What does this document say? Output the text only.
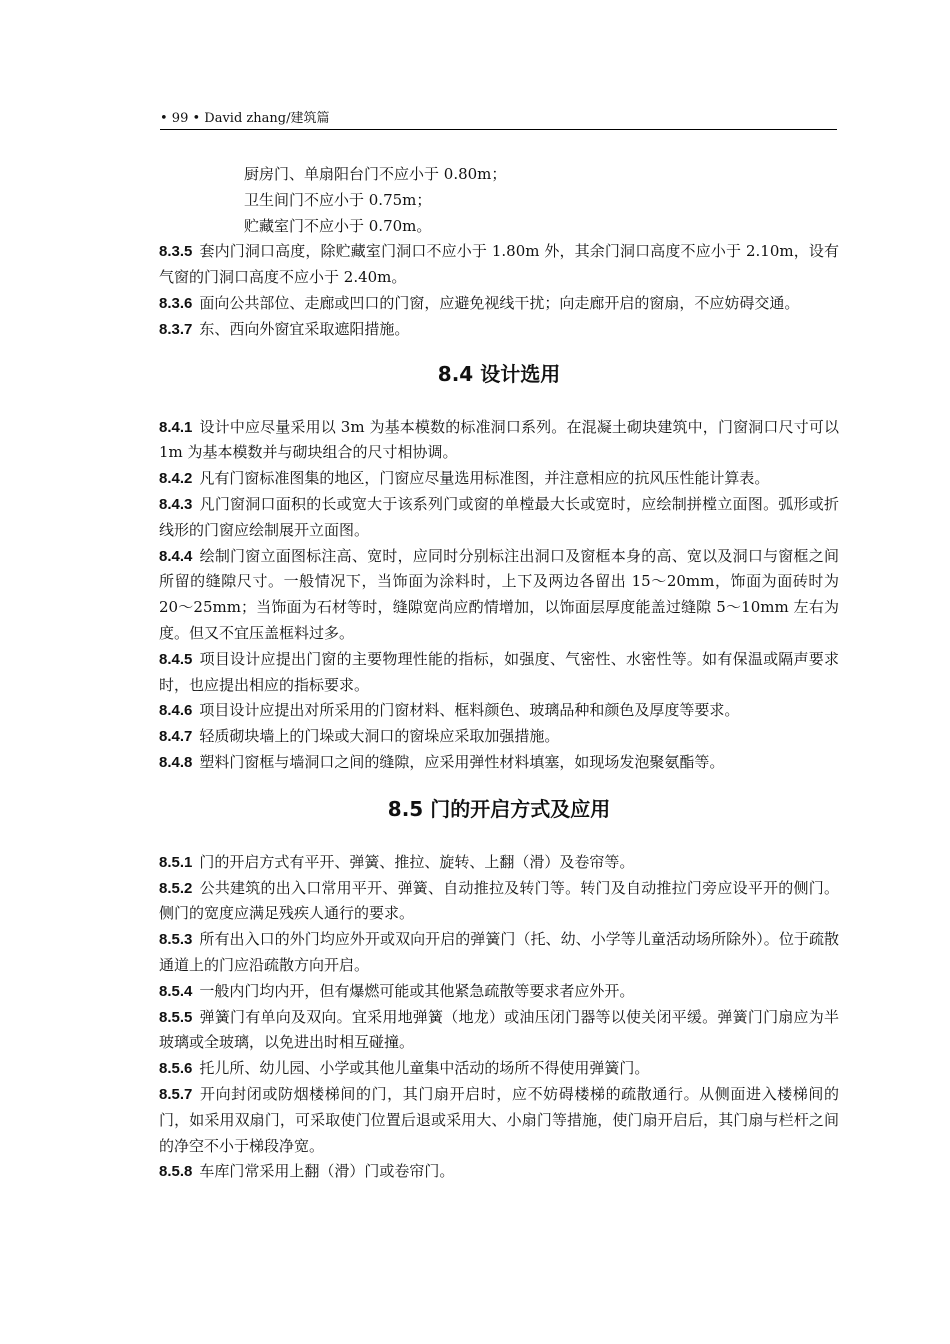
• 99 • David zhang/建筑篇

厨房门、单扇阳台门不应小于 0.80m；

卫生间门不应小于 0.75m；

贮藏室门不应小于 0.70m。

8.3.5 套内门洞口高度，除贮藏室门洞口不应小于 1.80m 外，其余门洞口高度不应小于 2.10m，设有气窗的门洞口高度不应小于 2.40m。

8.3.6 面向公共部位、走廊或凹口的门窗，应避免视线干扰；向走廊开启的窗扇，不应妨碍交通。

8.3.7 东、西向外窗宜采取遮阳措施。

8.4 设计选用

8.4.1 设计中应尽量采用以 3m 为基本模数的标准洞口系列。在混凝土砌块建筑中，门窗洞口尺寸可以 1m 为基本模数并与砌块组合的尺寸相协调。

8.4.2 凡有门窗标准图集的地区，门窗应尽量选用标准图，并注意相应的抗风压性能计算表。

8.4.3 凡门窗洞口面积的长或宽大于该系列门或窗的单樘最大长或宽时，应绘制拼樘立面图。弧形或折线形的门窗应绘制展开立面图。

8.4.4 绘制门窗立面图标注高、宽时，应同时分别标注出洞口及窗框本身的高、宽以及洞口与窗框之间所留的缝隙尺寸。一般情况下，当饰面为涂料时，上下及两边各留出 15～20mm，饰面为面砖时为 20～25mm；当饰面为石材等时，缝隙宽尚应酌情增加，以饰面层厚度能盖过缝隙 5～10mm 左右为度。但又不宜压盖框料过多。

8.4.5 项目设计应提出门窗的主要物理性能的指标，如强度、气密性、水密性等。如有保温或隔声要求时，也应提出相应的指标要求。

8.4.6 项目设计应提出对所采用的门窗材料、框料颜色、玻璃品种和颜色及厚度等要求。

8.4.7 轻质砌块墙上的门垛或大洞口的窗垛应采取加强措施。

8.4.8 塑料门窗框与墙洞口之间的缝隙，应采用弹性材料填塞，如现场发泡聚氨酯等。

8.5 门的开启方式及应用

8.5.1 门的开启方式有平开、弹簧、推拉、旋转、上翻（滑）及卷帘等。

8.5.2 公共建筑的出入口常用平开、弹簧、自动推拉及转门等。转门及自动推拉门旁应设平开的侧门。侧门的宽度应满足残疾人通行的要求。

8.5.3 所有出入口的外门均应外开或双向开启的弹簧门（托、幼、小学等儿童活动场所除外）。位于疏散通道上的门应沿疏散方向开启。

8.5.4 一般内门均内开，但有爆燃可能或其他紧急疏散等要求者应外开。

8.5.5 弹簧门有单向及双向。宜采用地弹簧（地龙）或油压闭门器等以使关闭平缓。弹簧门门扇应为半玻璃或全玻璃，以免进出时相互碰撞。

8.5.6 托儿所、幼儿园、小学或其他儿童集中活动的场所不得使用弹簧门。

8.5.7 开向封闭或防烟楼梯间的门，其门扇开启时，应不妨碍楼梯的疏散通行。从侧面进入楼梯间的门，如采用双扇门，可采取使门位置后退或采用大、小扇门等措施，使门扇开启后，其门扇与栏杆之间的净空不小于梯段净宽。

8.5.8 车库门常采用上翻（滑）门或卷帘门。
